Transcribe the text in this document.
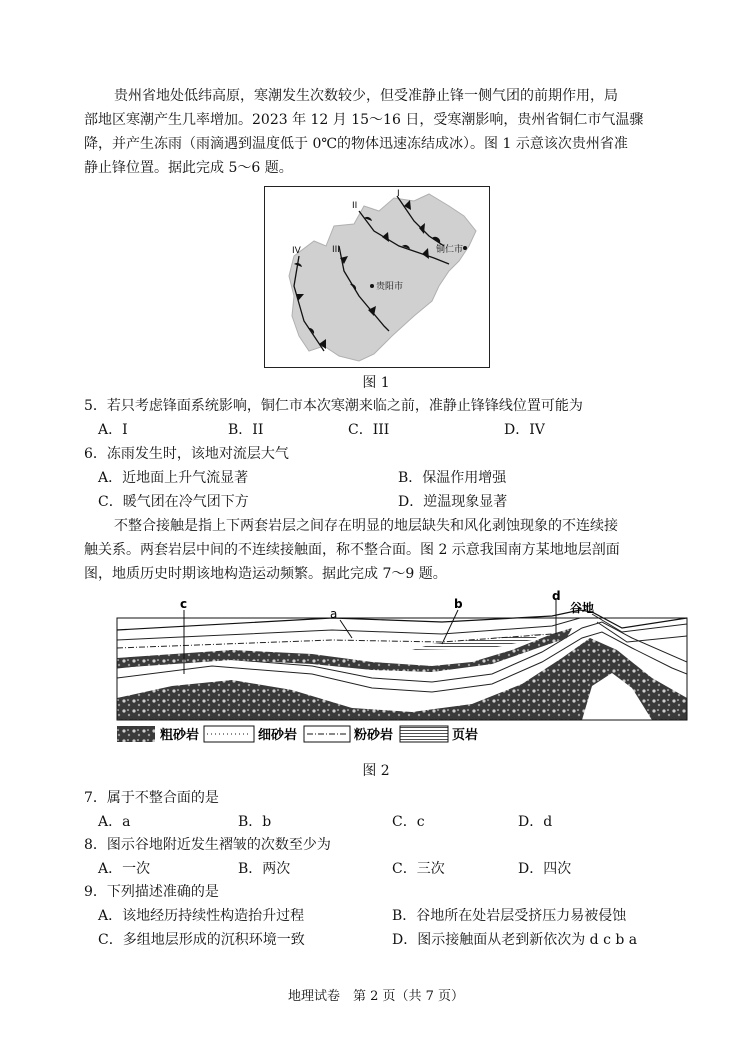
贵州省地处低纬高原，寒潮发生次数较少，但受准静止锋一侧气团的前期作用，局

部地区寒潮产生几率增加。2023 年 12 月 15～16 日，受寒潮影响，贵州省铜仁市气温骤

降，并产生冻雨（雨滴遇到温度低于 0℃的物体迅速冻结成冰）。图 1 示意该次贵州省准

静止锋位置。据此完成 5～6 题。

I
II
III
IV
贵阳市
铜仁市
图 1

5．若只考虑锋面系统影响，铜仁市本次寒潮来临之前，准静止锋锋线位置可能为

A．I	B．II	C．III	D．IV

6．冻雨发生时，该地对流层大气

A．近地面上升气流显著	B．保温作用增强
C．暖气团在冷气团下方	D．逆温现象显著

不整合接触是指上下两套岩层之间存在明显的地层缺失和风化剥蚀现象的不连续接

触关系。两套岩层中间的不连续接触面，称不整合面。图 2 示意我国南方某地地层剖面

图，地质历史时期该地构造运动频繁。据此完成 7～9 题。

c
a
b
d
谷地
粗砂岩	细砂岩	粉砂岩	页岩
图 2

7．属于不整合面的是

A．a	B．b	C．c	D．d

8．图示谷地附近发生褶皱的次数至少为

A．一次	B．两次	C．三次	D．四次

9．下列描述准确的是

A．该地经历持续性构造抬升过程	B．谷地所在处岩层受挤压力易被侵蚀
C．多组地层形成的沉积环境一致	D．图示接触面从老到新依次为 d c b a
地理试卷　第 2 页（共 7 页）
